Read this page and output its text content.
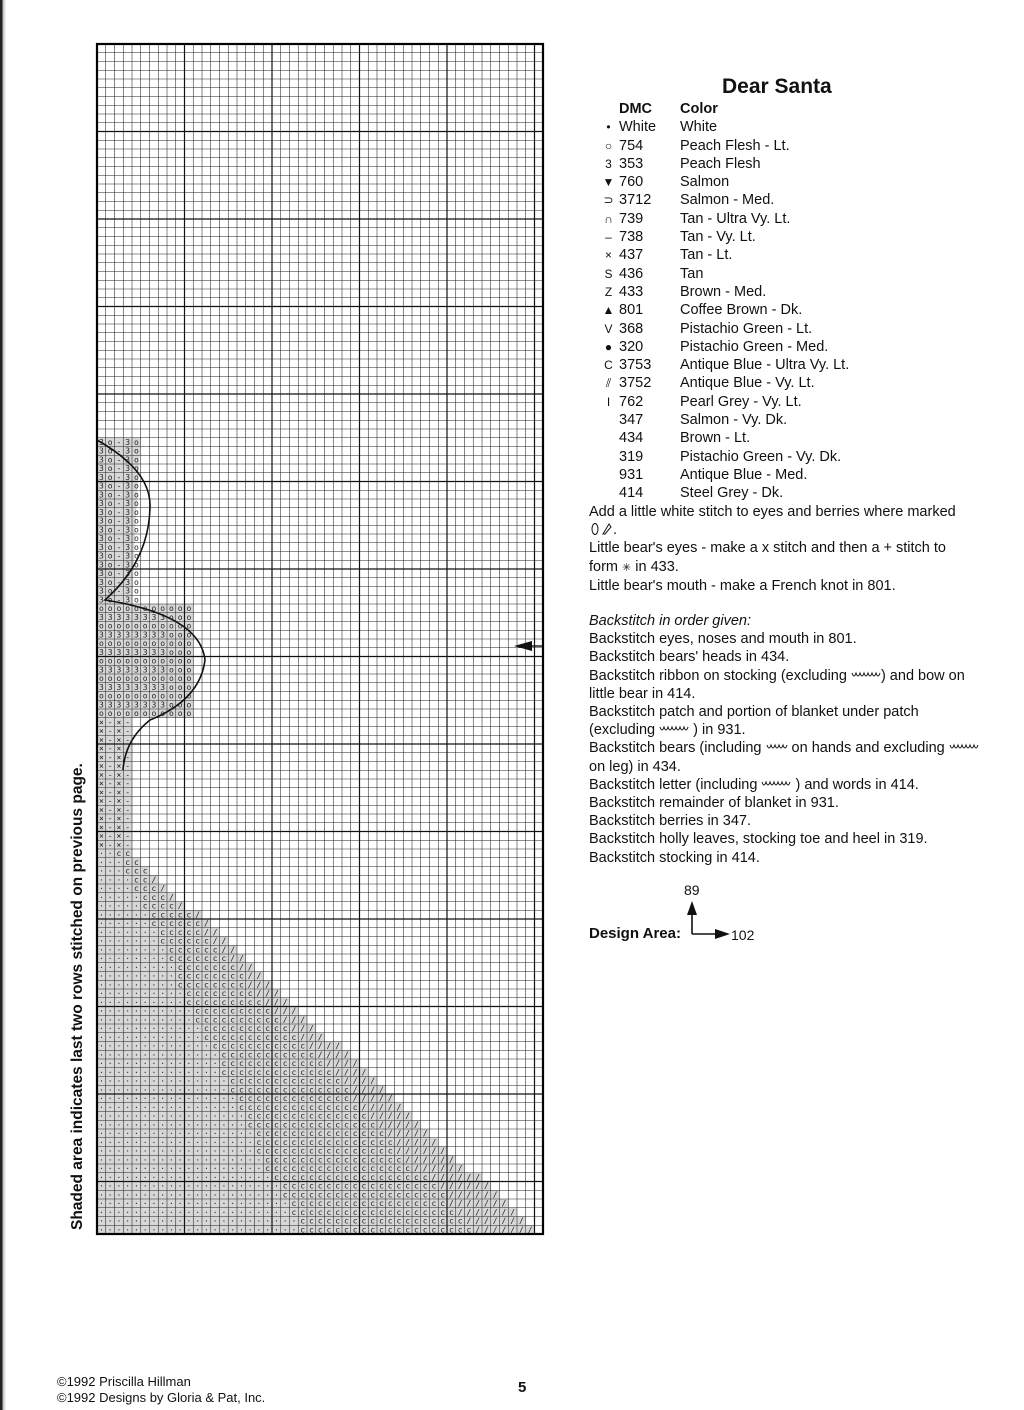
3 o - 3 o
3 o - 3 o
3 o - 3 o
3 o - 3 o
3 o - 3 o
3 o - 3 o
3 o - 3 o
3 o - 3 o
3 o - 3 o
3 o - 3 o
3 o - 3 o
3 o - 3 o
3 o - 3 o
3 o - 3 o
3 o - 3 o
3 o - 3 o
3 o - 3 o
3 o - 3 o
3 o - 3 o
o o o o o o o o o o o
3 3 3 3 3 3 3 3 o o o
o o o o o o o o o o o
3 3 3 3 3 3 3 3 o o o
o o o o o o o o o o o
3 3 3 3 3 3 3 3 o o o
o o o o o o o o o o o
3 3 3 3 3 3 3 3 o o o
o o o o o o o o o o o
3 3 3 3 3 3 3 3 o o o
o o o o o o o o o o o
3 3 3 3 3 3 3 3 o o o
o o o o o o o o o o o
× - × -
× - × -
× - × -
× - × -
× - × -
× - × -
× - × -
× - × -
× - × -
× - × -
× - × -
× - × -
× - × -
× - × -
× - × -
· · c c
· · · c c
· · · c c c
· · · · c c /
· · · · c c c /
· · · · · c c c /
· · · · · c c c c /
· · · · · · c c c c c /
· · · · · · c c c c c c /
· · · · · · · c c c c c / /
· · · · · · · c c c c c c / /
· · · · · · · · c c c c c c / /
· · · · · · · · c c c c c c c / /
· · · · · · · · · c c c c c c c / /
· · · · · · · · · c c c c c c c c / /
· · · · · · · · · c c c c c c c c / / /
· · · · · · · · · · c c c c c c c c / / /
· · · · · · · · · · c c c c c c c c c / / /
· · · · · · · · · · · c c c c c c c c c / / /
· · · · · · · · · · · c c c c c c c c c c / / /
· · · · · · · · · · · · c c c c c c c c c c / / /
· · · · · · · · · · · · c c c c c c c c c c c / / /
· · · · · · · · · · · · · c c c c c c c c c c c / / / /
· · · · · · · · · · · · · · c c c c c c c c c c c / / / /
· · · · · · · · · · · · · · c c c c c c c c c c c c / / / /
· · · · · · · · · · · · · · c c c c c c c c c c c c c / / / /
· · · · · · · · · · · · · · · c c c c c c c c c c c c c / / / /
· · · · · · · · · · · · · · · c c c c c c c c c c c c c c / / / /
· · · · · · · · · · · · · · · · c c c c c c c c c c c c c / / / / /
· · · · · · · · · · · · · · · · c c c c c c c c c c c c c c / / / / /
· · · · · · · · · · · · · · · · · c c c c c c c c c c c c c c / / / / /
· · · · · · · · · · · · · · · · · c c c c c c c c c c c c c c c / / / / /
· · · · · · · · · · · · · · · · · · c c c c c c c c c c c c c c c / / / / /
· · · · · · · · · · · · · · · · · · c c c c c c c c c c c c c c c c / / / / /
· · · · · · · · · · · · · · · · · · c c c c c c c c c c c c c c c c / / / / / /
· · · · · · · · · · · · · · · · · · · c c c c c c c c c c c c c c c c / / / / / /
· · · · · · · · · · · · · · · · · · · c c c c c c c c c c c c c c c c c / / / / / /
· · · · · · · · · · · · · · · · · · · · c c c c c c c c c c c c c c c c c c / / / / / /
· · · · · · · · · · · · · · · · · · · · · c c c c c c c c c c c c c c c c c c / / / / / /
· · · · · · · · · · · · · · · · · · · · · c c c c c c c c c c c c c c c c c c c / / / / / /
· · · · · · · · · · · · · · · · · · · · · · c c c c c c c c c c c c c c c c c c / / / / / / /
· · · · · · · · · · · · · · · · · · · · · · c c c c c c c c c c c c c c c c c c c / / / / / / /
· · · · · · · · · · · · · · · · · · · · · · · c c c c c c c c c c c c c c c c c c c / / / / / / /
· · · · · · · · · · · · · · · · · · · · · · · c c c c c c c c c c c c c c c c c c c c / / / / / / /
Shaded area indicates last two rows stitched on previous page.
Dear Santa
DMC	Color
• White	White
○ 754	Peach Flesh - Lt.
3 353	Peach Flesh
▼ 760	Salmon
⊃ 3712	Salmon - Med.
∩ 739	Tan - Ultra Vy. Lt.
– 738	Tan - Vy. Lt.
× 437	Tan - Lt.
S 436	Tan
Z 433	Brown - Med.
▲ 801	Coffee Brown - Dk.
V 368	Pistachio Green - Lt.
● 320	Pistachio Green - Med.
C 3753	Antique Blue - Ultra Vy. Lt.
⫽ 3752	Antique Blue - Vy. Lt.
I 762	Pearl Grey - Vy. Lt.
347	Salmon - Vy. Dk.
434	Brown - Lt.
319	Pistachio Green - Vy. Dk.
931	Antique Blue - Med.
414	Steel Grey - Dk.

Add a little white stitch to eyes and berries where marked.

Little bear's eyes - make a x stitch and then a + stitch to form ✳ in 433.

Little bear's mouth - make a French knot in 801.

Backstitch in order given:

Backstitch eyes, noses and mouth in 801.

Backstitch bears' heads in 434.

Backstitch ribbon on stocking (excluding ) and bow on little bear in 414.

Backstitch patch and portion of blanket under patch (excluding	) in 931.

Backstitch bears (including on hands and excluding  on leg) in 434.

Backstitch letter (including	) and words in 414.

Backstitch remainder of blanket in 931.

Backstitch berries in 347.

Backstitch holly leaves, stocking toe and heel in 319.

Backstitch stocking in 414.

89
Design Area:	102
©1992 Priscilla Hillman
©1992 Designs by Gloria & Pat, Inc.
5
